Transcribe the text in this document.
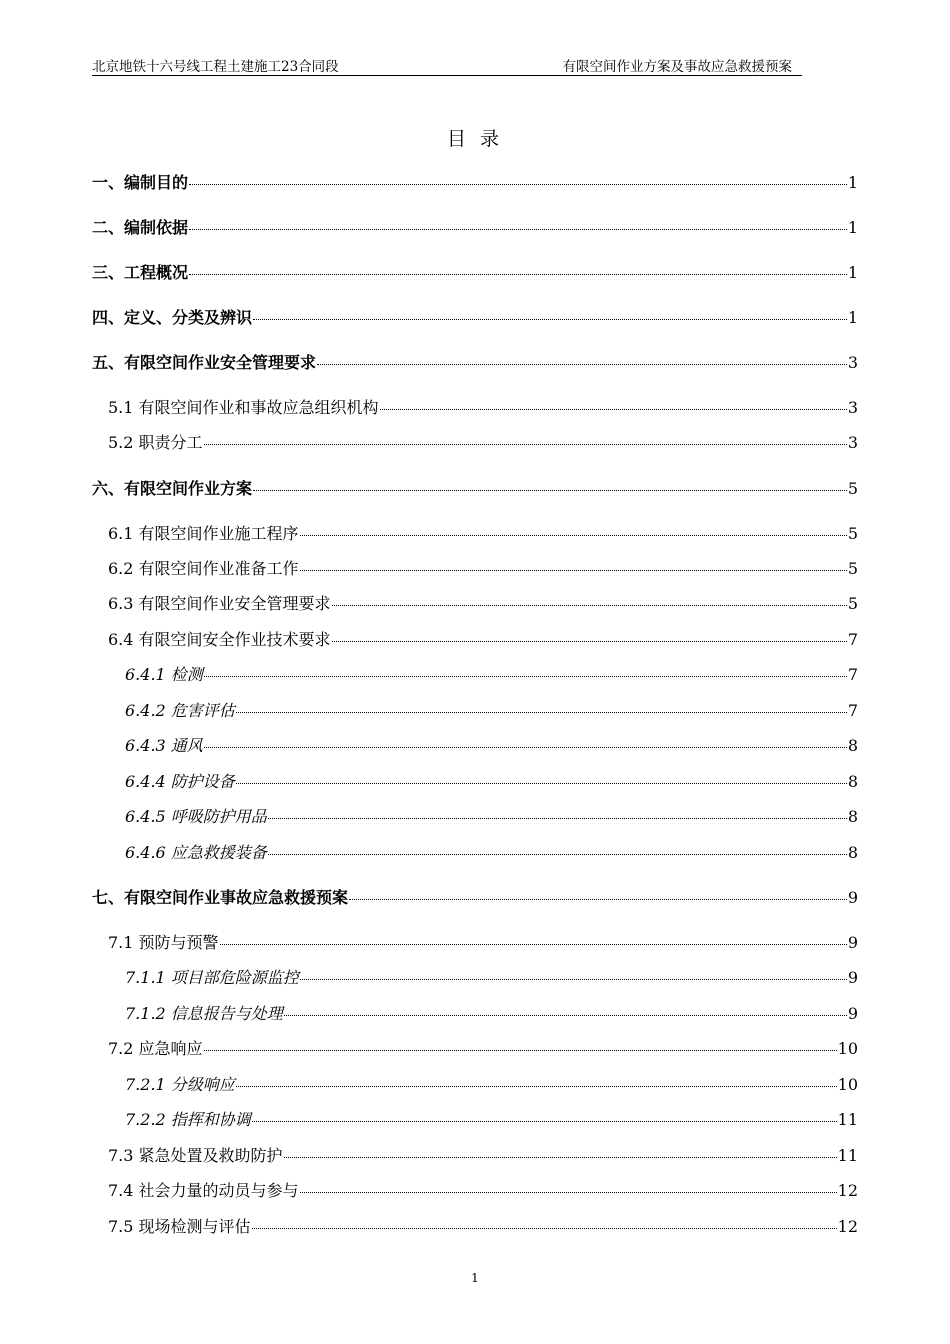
北京地铁十六号线工程土建施工23合同段	有限空间作业方案及事故应急救援预案
目 录
一、编制目的	1
二、编制依据	1
三、工程概况	1
四、定义、分类及辨识	1
五、有限空间作业安全管理要求	3
5.1 有限空间作业和事故应急组织机构	3
5.2 职责分工	3
六、有限空间作业方案	5
6.1 有限空间作业施工程序	5
6.2 有限空间作业准备工作	5
6.3 有限空间作业安全管理要求	5
6.4 有限空间安全作业技术要求	7
6.4.1 检测	7
6.4.2 危害评估	7
6.4.3 通风	8
6.4.4 防护设备	8
6.4.5 呼吸防护用品	8
6.4.6 应急救援装备	8
七、有限空间作业事故应急救援预案	9
7.1 预防与预警	9
7.1.1 项目部危险源监控	9
7.1.2 信息报告与处理	9
7.2 应急响应	10
7.2.1 分级响应	10
7.2.2 指挥和协调	11
7.3 紧急处置及救助防护	11
7.4 社会力量的动员与参与	12
7.5 现场检测与评估	12
1
